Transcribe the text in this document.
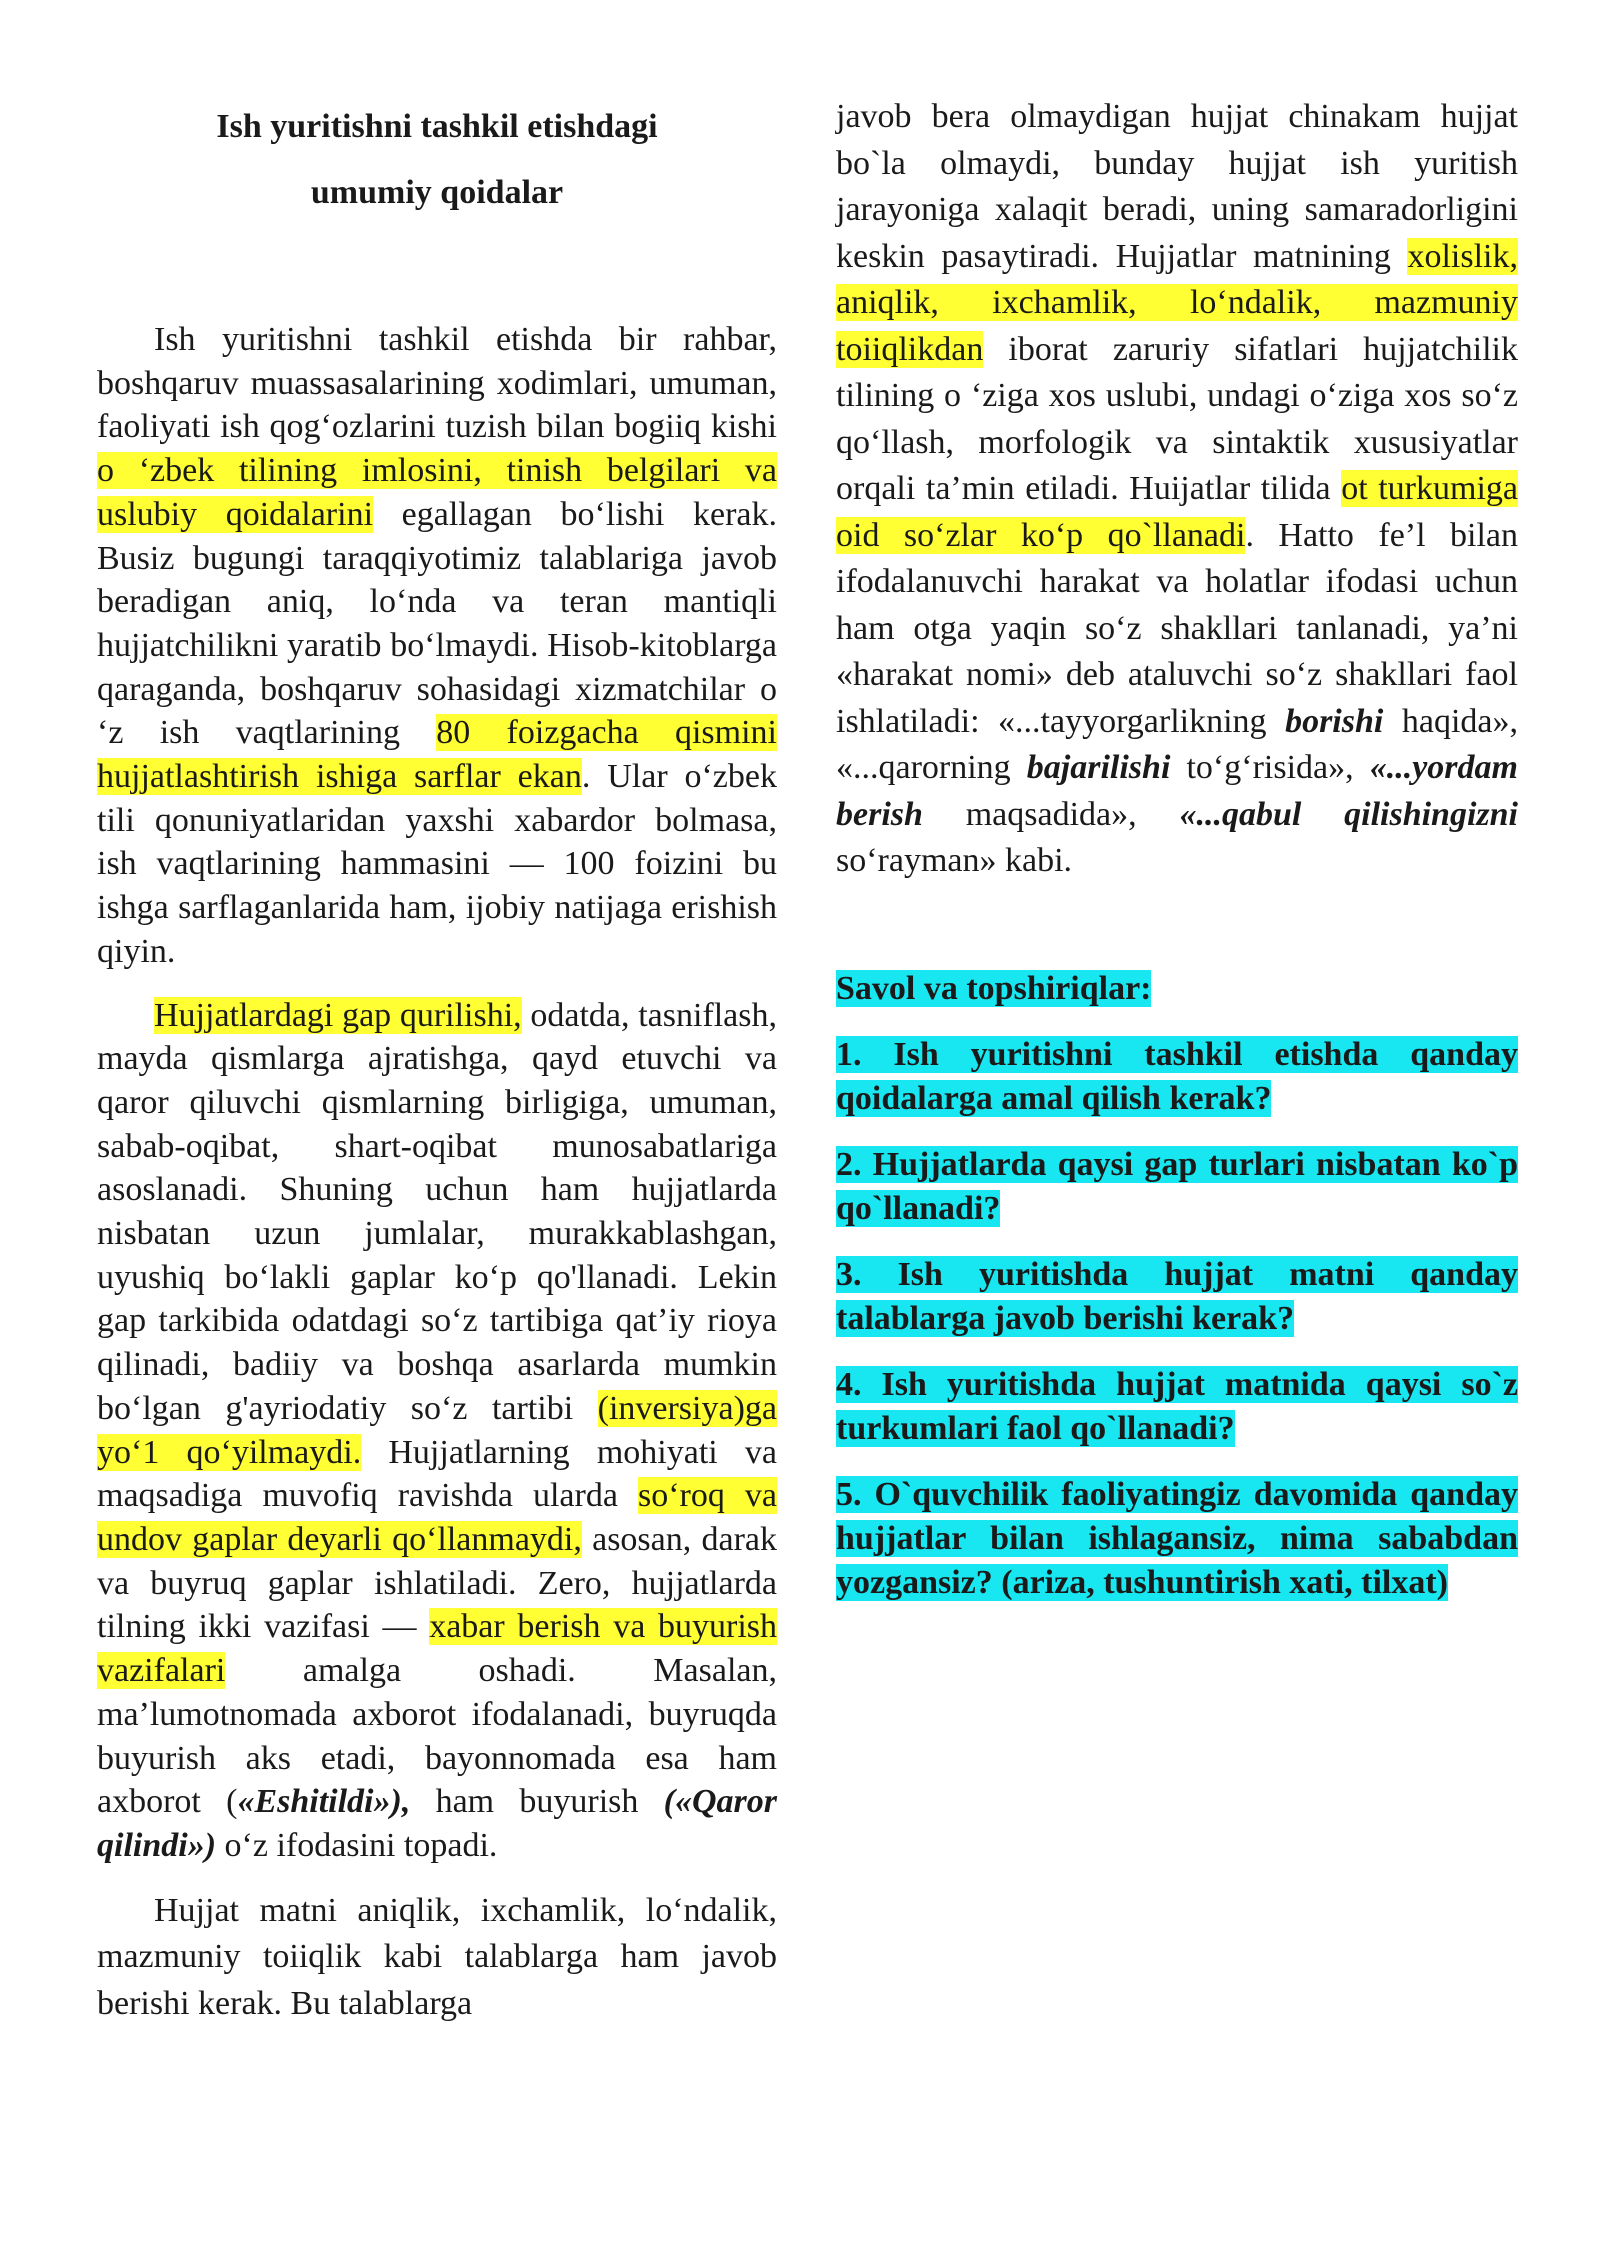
Ish yuritishni tashkil etishdagi

umumiy qoidalar

Ish yuritishni tashkil etishda bir rahbar, boshqaruv muassasalarining xodimlari, umuman, faoliyati ish qog‘ozlarini tuzish bilan bogiiq kishi o ‘zbek tilining imlosini, tinish belgilari va uslubiy qoidalarini egallagan bo‘lishi kerak. Busiz bugungi taraqqiyotimiz talablariga javob beradigan aniq, lo‘nda va teran mantiqli hujjatchilikni yaratib bo‘lmaydi. Hisob-kitoblarga qaraganda, boshqaruv sohasidagi xizmatchilar o ‘z ish vaqtlarining 80 foizgacha qismini hujjatlashtirish ishiga sarflar ekan. Ular o‘zbek tili qonuniyatlaridan yaxshi xabardor bolmasa, ish vaqtlarining hammasini — 100 foizini bu ishga sarflaganlarida ham, ijobiy natijaga erishish qiyin.

Hujjatlardagi gap qurilishi, odatda, tasniflash, mayda qismlarga ajratishga, qayd etuvchi va qaror qiluvchi qismlarning birligiga, umuman, sabab-oqibat, shart-oqibat munosabatlariga asoslanadi. Shuning uchun ham hujjatlarda nisbatan uzun jumlalar, murakkablashgan, uyushiq bo‘lakli gaplar ko‘p qo'llanadi. Lekin gap tarkibida odatdagi so‘z tartibiga qat’iy rioya qilinadi, badiiy va boshqa asarlarda mumkin bo‘lgan g'ayriodatiy so‘z tartibi (inversiya)ga yo‘1 qo‘yilmaydi. Hujjatlarning mohiyati va maqsadiga muvofiq ravishda ularda so‘roq va undov gaplar deyarli qo‘llanmaydi, asosan, darak va buyruq gaplar ishlatiladi. Zero, hujjatlarda tilning ikki vazifasi — xabar berish va buyurish vazifalari amalga oshadi. Masalan, ma’lumotnomada axborot ifodalanadi, buyruqda buyurish aks etadi, bayonnomada esa ham axborot («Eshitildi»), ham buyurish («Qaror qilindi») o‘z ifodasini topadi.

Hujjat matni aniqlik, ixchamlik, lo‘ndalik, mazmuniy toiiqlik kabi talablarga ham javob berishi kerak. Bu talablarga

javob bera olmaydigan hujjat chinakam hujjat bo`la olmaydi, bunday hujjat ish yuritish jarayoniga xalaqit beradi, uning samaradorligini keskin pasaytiradi. Hujjatlar matnining xolislik, aniqlik, ixchamlik, lo‘ndalik, mazmuniy toiiqlikdan iborat zaruriy sifatlari hujjatchilik tilining o ‘ziga xos uslubi, undagi o‘ziga xos so‘z qo‘llash, morfologik va sintaktik xususiyatlar orqali ta’min etiladi. Huijatlar tilida ot turkumiga oid so‘zlar ko‘p qo`llanadi. Hatto fe’l bilan ifodalanuvchi harakat va holatlar ifodasi uchun ham otga yaqin so‘z shakllari tanlanadi, ya’ni «harakat nomi» deb ataluvchi so‘z shakllari faol ishlatiladi: «...tayyorgarlikning borishi haqida», «...qarorning bajarilishi to‘g‘risida», «...yordam berish maqsadida», «...qabul qilishingizni so‘rayman» kabi.

Savol va topshiriqlar:

1. Ish yuritishni tashkil etishda qanday qoidalarga amal qilish kerak?

2. Hujjatlarda qaysi gap turlari nisbatan ko`p qo`llanadi?

3. Ish yuritishda hujjat matni qanday talablarga javob berishi kerak?

4. Ish yuritishda hujjat matnida qaysi so`z turkumlari faol qo`llanadi?

5. O`quvchilik faoliyatingiz davomida qanday hujjatlar bilan ishlagansiz, nima sababdan yozgansiz? (ariza, tushuntirish xati, tilxat)
